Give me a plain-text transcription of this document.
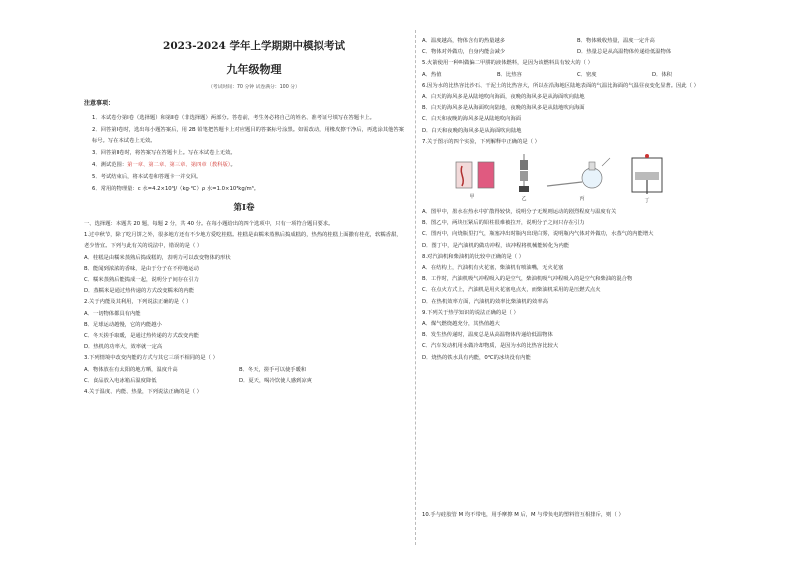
2023-2024 学年上学期期中模拟考试
九年级物理
（考试时间：70 分钟 试卷满分：100 分）
注意事项：
1．本试卷分第Ⅰ卷（选择题）和第Ⅱ卷（非选择题）两部分。答卷前，考生务必将自己的姓名、准考证号填写在答题卡上。
2．回答第Ⅰ卷时，选出每小题答案后，用 2B 铅笔把答题卡上对应题目的答案标号涂黑。如需改动，用橡皮擦干净后，再选涂其他答案标号。写在本试卷上无效。
3．回答第Ⅱ卷时，将答案写在答题卡上。写在本试卷上无效。
4．测试范围：第一章、第二章、第三章、第四章（教科版）。
5．考试结束后，将本试卷和答题卡一并交回。
6．常用的物理量：c 水=4.2×10³J/（kg·℃）ρ 水=1.0×10³kg/m³。
第Ⅰ卷
一、选择题：本题共 20 题，每题 2 分，共 40 分。在每小题给出的四个选项中，只有一项符合题目要求。
1.过中秋节，除了吃月饼之外，很多地方还有不少地方爱吃桂糕。桂糕是由糯米蒸熟后捣成糕的，热热的桂糕上面撒有桂花，软糯香甜，老少皆宜。下列与此有关的说法中，错误的是（ ）
A．桂糕是由糯米蒸熟后捣成糕的，表明力可以改变物体的形状
B．能闻到浓浓的香味，是由于分子在不停地运动
C．糯米蒸熟后能捣成一起，说明分子间存在引力
D．蒸糯米是通过热传递的方式改变糯米的内能
2.关于内能及其利用，下列说法正确的是（ ）
A．一切物体都具有内能
B．足球运动越慢，它的内能越小
C．冬天搓手取暖，是通过热传递的方式改变内能
D．热机的功率大，效率就一定高
3.下列情境中改变内能的方式与其它三项不相同的是（ ）
A．物体放在有太阳的地方晒，温度升高	B．冬天，搓手可以使手暖和
C．食品放入电冰箱后温度降低	D．夏天，喝冷饮使人感到凉爽
4.关于温度、内能、热量，下列说法正确的是（ ）
A．温度越高，物体含有的热量越多	B．物体吸收热量，温度一定升高
C．物体对外做功，自身内能会减少	D．热量总是从高温物体传递给低温物体
5.火箭使用一种叫做偏二甲肼的液体燃料，是因为该燃料具有较大的（ ）
A．热值	B．比热容	C．密度	D．体积
6.因为水的比热容比沙石、干泥土的比热容大，所以在沿海地区陆地表面的气温比海面的气温昼夜变化显著。因此（ ）
A．白天的海风多是从陆地吹向海面，夜晚的海风多是从海面吹向陆地
B．白天的海风多是从海面吹向陆地，夜晚的海风多是从陆地吹向海面
C．白天和夜晚的海风多是从陆地吹向海面
D．白天和夜晚的海风多是从海面吹向陆地
7.关于图示的四个实验，下列解释中正确的是（ ）
甲	乙	丙	丁
A．图甲中，墨水在热水中扩散得较快，说明分子无规则运动的剧烈程度与温度有关
B．图乙中，两块压紧后的铅柱很难被拉开，说明分子之间只存在引力
C．图丙中，向烧瓶里打气，瓶塞冲出时瓶内出现白雾，说明瓶内气体对外做功，水蒸气的内能增大
D．图丁中，是汽油机的做功冲程，该冲程将机械能转化为内能
8.对汽油机和柴油机的比较中正确的是（ ）
A．在结构上，汽油机有火花塞，柴油机有喷油嘴，无火花塞
B．工作时，汽油机吸气冲程吸入的是空气，柴油机吸气冲程吸入的是空气和柴油的混合物
C．在点火方式上，汽油机是用火花塞电点火，而柴油机采用的是压燃式点火
D．在热机效率方面，汽油机的效率比柴油机的效率高
9.下列关于热学知识的说法正确的是（ ）
A．煤气燃烧越充分，其热值越大
B．发生热传递时，温度总是从高温物体传递给低温物体
C．汽车发动机用水做冷却物质，是因为水的比热容比较大
D．烧热的铁水具有内能，0℃的冰块没有内能
10.手与硅胶管 M 均不带电，用手摩擦 M 后，M 与带负电的塑料管互相排斥，则（ ）
